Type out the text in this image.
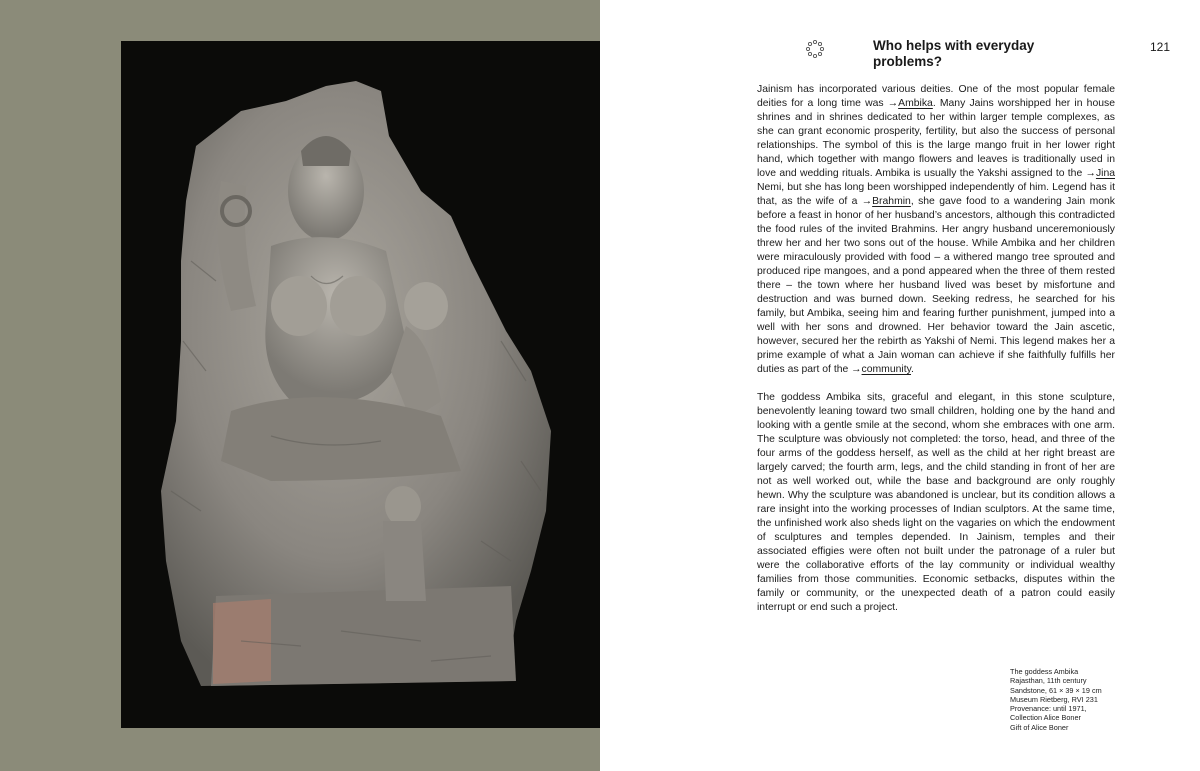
Who helps with everyday problems?
121

Jainism has incorporated various deities. One of the most popular female deities for a long time was →Ambika. Many Jains worshipped her in house shrines and in shrines dedicated to her within larger temple complexes, as she can grant economic prosperity, fertility, but also the success of personal relationships. The symbol of this is the large mango fruit in her lower right hand, which together with mango flowers and leaves is traditionally used in love and wedding rituals. Ambika is usually the Yakshi assigned to the →Jina Nemi, but she has long been worshipped independently of him. Legend has it that, as the wife of a →Brahmin, she gave food to a wandering Jain monk before a feast in honor of her husband’s ancestors, although this contradicted the food rules of the invited Brahmins. Her angry husband unceremoniously threw her and her two sons out of the house. While Ambika and her children were miraculously provided with food – a withered mango tree sprouted and produced ripe mangoes, and a pond appeared when the three of them rested there – the town where her husband lived was beset by misfortune and destruction and was burned down. Seeking redress, he searched for his family, but Ambika, seeing him and fearing further punishment, jumped into a well with her sons and drowned. Her behavior toward the Jain ascetic, however, secured her the rebirth as Yakshi of Nemi. This legend makes her a prime example of what a Jain woman can achieve if she faithfully fulfills her duties as part of the →community.

The goddess Ambika sits, graceful and elegant, in this stone sculpture, benevolently leaning toward two small children, holding one by the hand and looking with a gentle smile at the second, whom she embraces with one arm. The sculpture was obviously not completed: the torso, head, and three of the four arms of the goddess herself, as well as the child at her right breast are largely carved; the fourth arm, legs, and the child standing in front of her are not as well worked out, while the base and background are only roughly hewn. Why the sculpture was abandoned is unclear, but its condition allows a rare insight into the working processes of Indian sculptors. At the same time, the unfinished work also sheds light on the vagaries on which the endowment of sculptures and temples depended. In Jainism, temples and their associated effigies were often not built under the patronage of a ruler but were the collaborative efforts of the lay community or individual wealthy families from those communities. Economic setbacks, disputes within the family or community, or the unexpected death of a patron could easily interrupt or end such a project.

The goddess Ambika
Rajasthan, 11th century
Sandstone, 61 × 39 × 19 cm
Museum Rietberg, RVI 231
Provenance: until 1971,
Collection Alice Boner
Gift of Alice Boner
